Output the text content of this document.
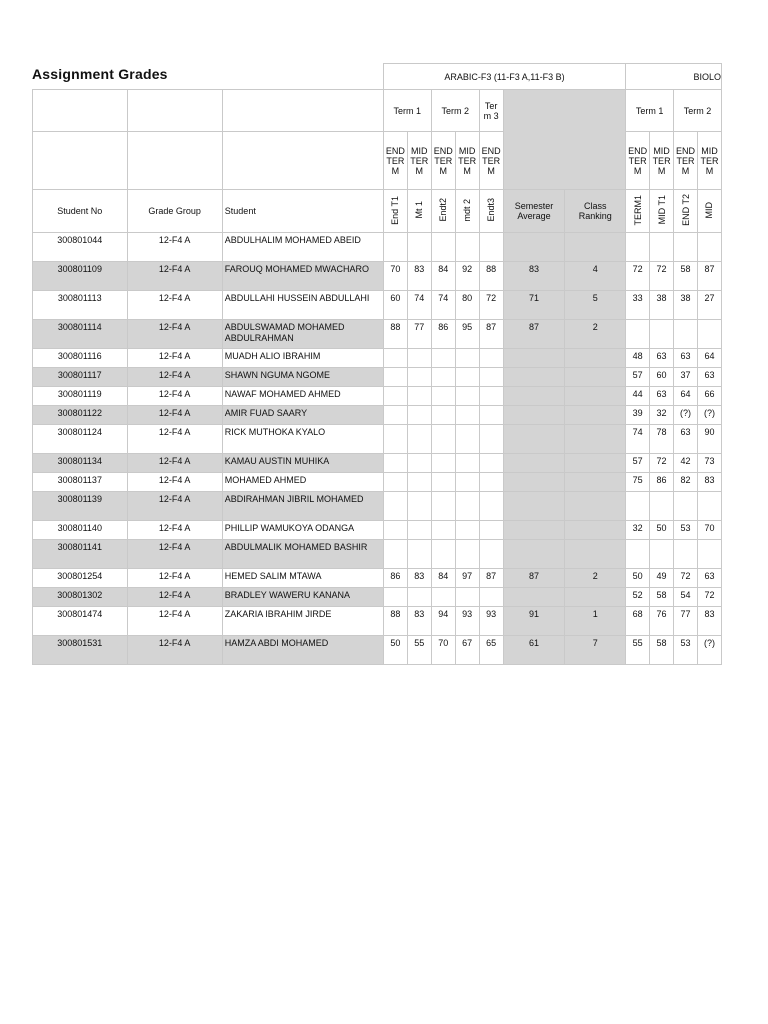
Assignment Grades
			ARABIC-F3 (11-F3 A,11-F3 B)							BIOLO			
			Term 1		Term 2		Ter m 3			Term 1		Term 2	
			END TER M	MID TER M	END TER M	MID TER M	END TER M			END TER M	MID TER M	END TER M	MID TER M
Student No	Grade Group	Student	End T1	Mt 1	Endt2	mdt 2	Endt3	Semester Average	Class Ranking	TERM1	MID T1	END T2	MID
300801044	12-F4 A	ABDULHALIM MOHAMED ABEID											
300801109	12-F4 A	FAROUQ MOHAMED MWACHARO	70	83	84	92	88	83	4	72	72	58	87
300801113	12-F4 A	ABDULLAHI HUSSEIN ABDULLAHI	60	74	74	80	72	71	5	33	38	38	27
300801114	12-F4 A	ABDULSWAMAD MOHAMED ABDULRAHMAN	88	77	86	95	87	87	2				
300801116	12-F4 A	MUADH ALIO IBRAHIM								48	63	63	64
300801117	12-F4 A	SHAWN NGUMA NGOME								57	60	37	63
300801119	12-F4 A	NAWAF MOHAMED AHMED								44	63	64	66
300801122	12-F4 A	AMIR FUAD SAARY								39	32	(?)	(?)
300801124	12-F4 A	RICK MUTHOKA KYALO								74	78	63	90
300801134	12-F4 A	KAMAU AUSTIN MUHIKA								57	72	42	73
300801137	12-F4 A	MOHAMED AHMED								75	86	82	83
300801139	12-F4 A	ABDIRAHMAN JIBRIL MOHAMED											
300801140	12-F4 A	PHILLIP WAMUKOYA ODANGA								32	50	53	70
300801141	12-F4 A	ABDULMALIK MOHAMED BASHIR											
300801254	12-F4 A	HEMED SALIM MTAWA	86	83	84	97	87	87	2	50	49	72	63
300801302	12-F4 A	BRADLEY WAWERU KANANA								52	58	54	72
300801474	12-F4 A	ZAKARIA IBRAHIM JIRDE	88	83	94	93	93	91	1	68	76	77	83
300801531	12-F4 A	HAMZA ABDI MOHAMED	50	55	70	67	65	61	7	55	58	53	(?)
